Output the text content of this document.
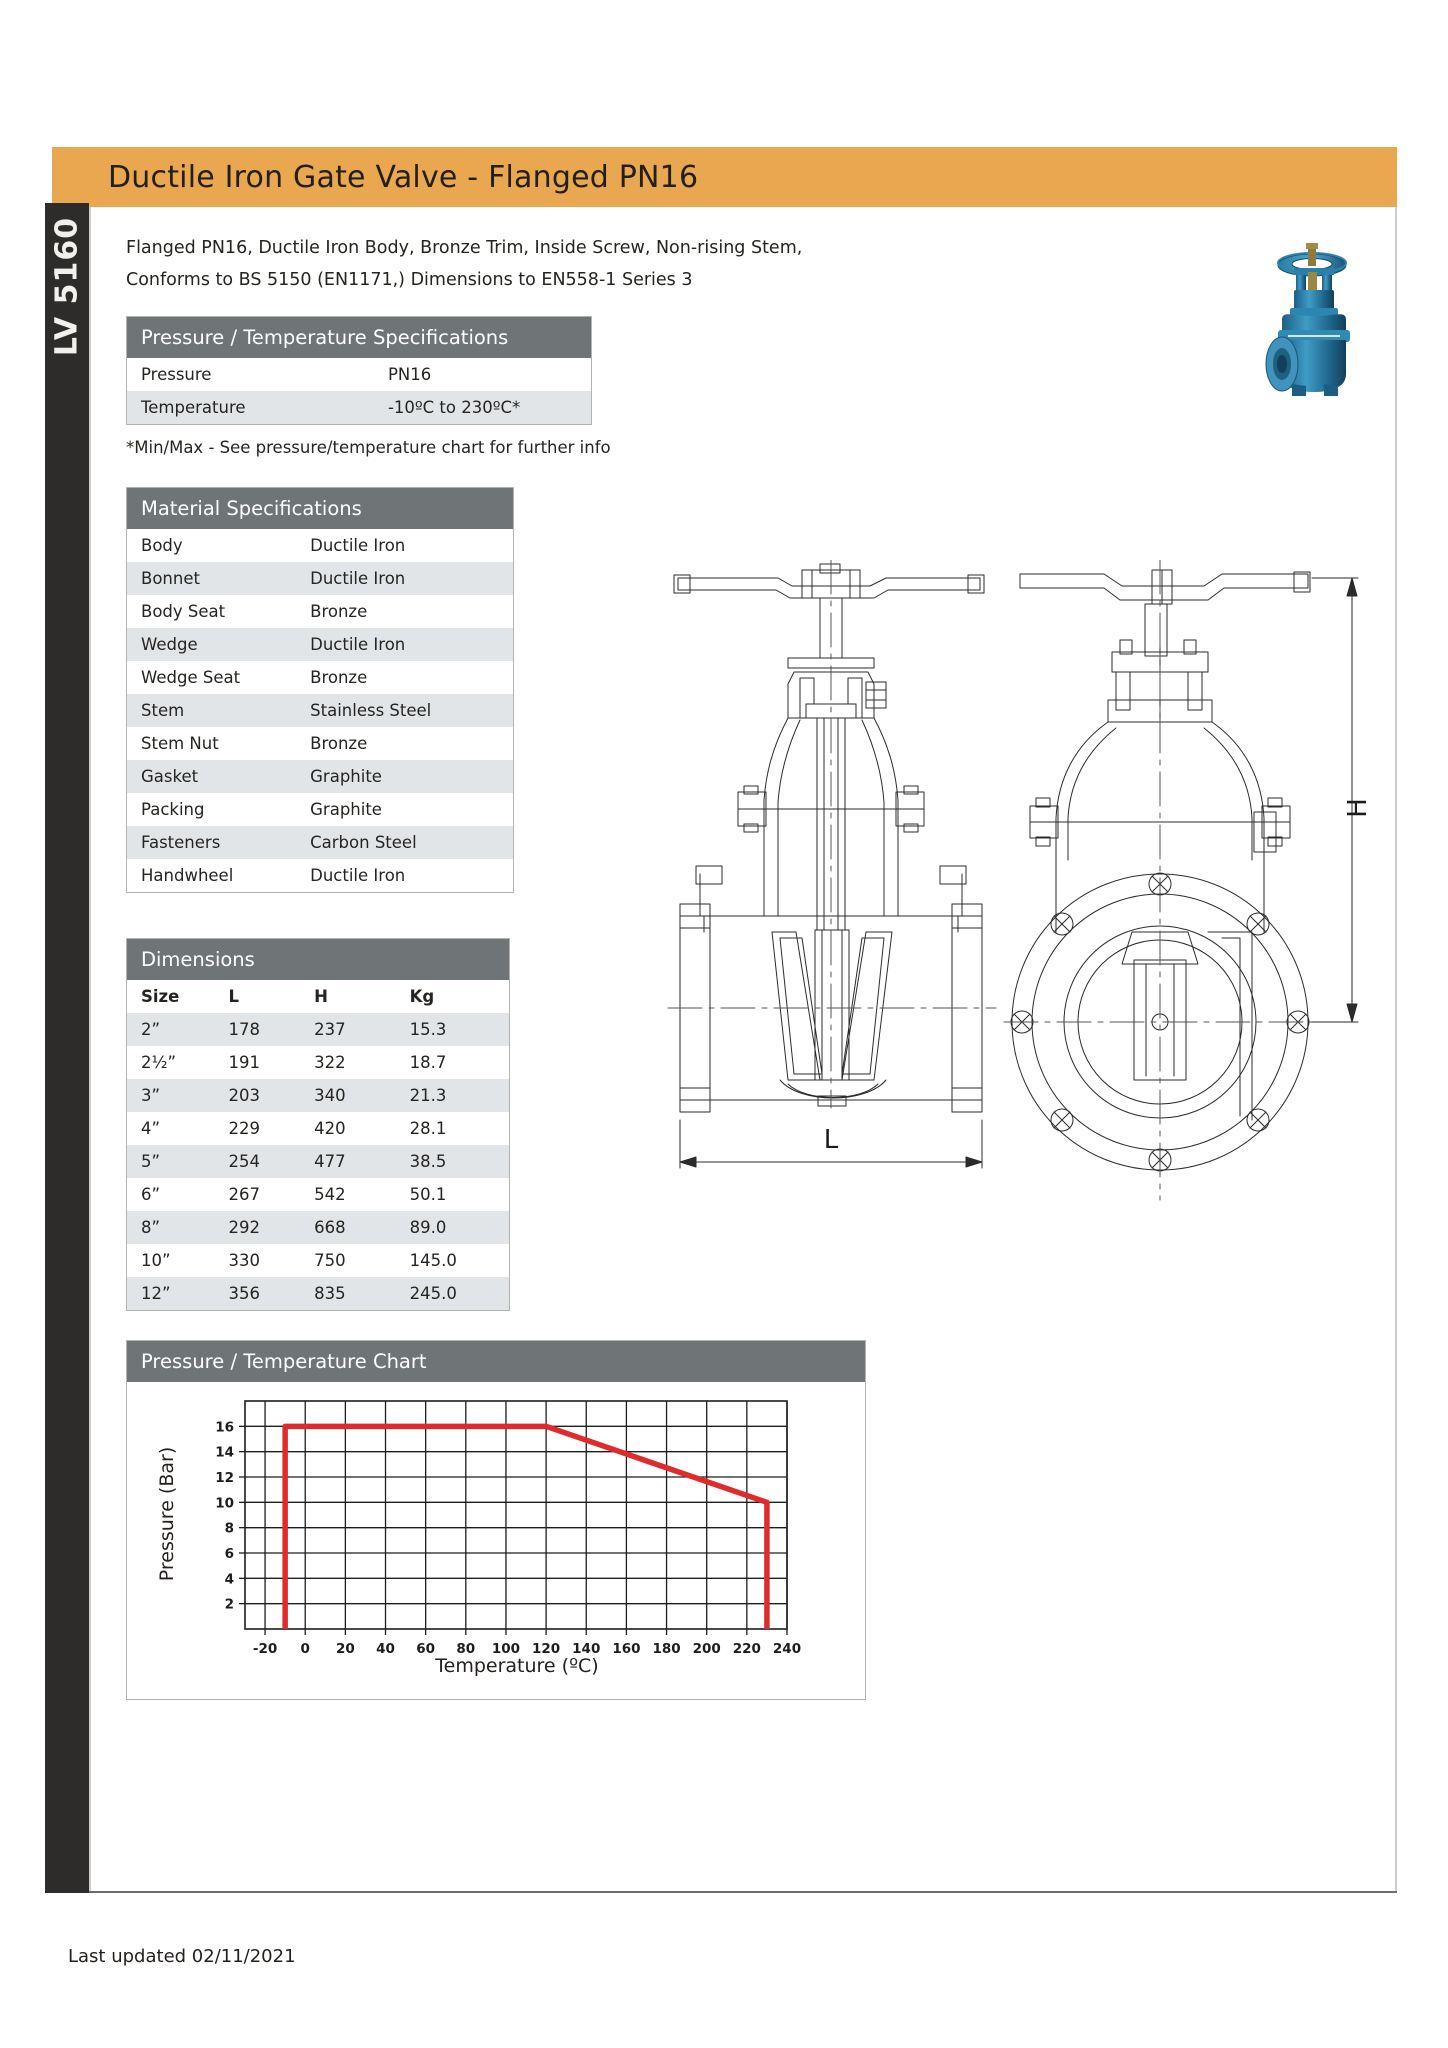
Ductile Iron Gate Valve - Flanged PN16
LV 5160 Flanged PN16, Ductile Iron Body, Bronze Trim, Inside Screw, Non-rising Stem,
Conforms to BS 5150 (EN1171,) Dimensions to EN558-1 Series 3
Pressure / Temperature Specifications
Pressure	PN16
Temperature	-10ºC to 230ºC*
*Min/Max - See pressure/temperature chart for further info
Material Specifications
Body	Ductile Iron
Bonnet	Ductile Iron
Body Seat	Bronze
Wedge	Ductile Iron
Wedge Seat	Bronze
Stem	Stainless Steel
Stem Nut	Bronze
Gasket	Graphite
Packing	Graphite
Fasteners	Carbon Steel
Handwheel	Ductile Iron
Dimensions
Size	L	H	Kg
2”	178	237	15.3
2½”	191	322	18.7
3”	203	340	21.3
4”	229	420	28.1
5”	254	477	38.5
6”	267	542	50.1
8”	292	668	89.0
10”	330	750	145.0
12”	356	835	245.0
Pressure / Temperature Chart
Pressure (Bar)
Temperature (ºC)
-20 0 20 40 60 80 100 120 140 160 180 200 220 240
2
4
6
8
10
12
14
16
L
H
Last updated 02/11/2021
